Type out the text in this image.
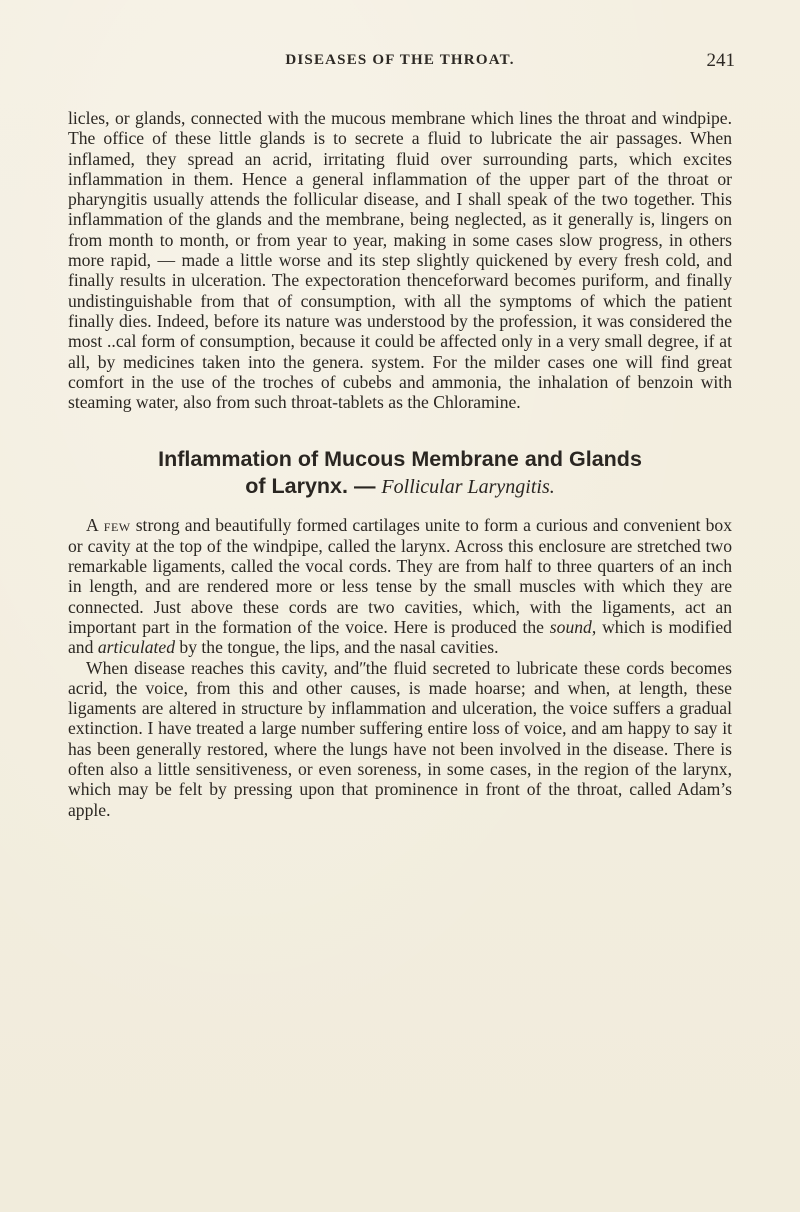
DISEASES OF THE THROAT.	241

licles, or glands, connected with the mucous membrane which lines the throat and windpipe. The office of these little glands is to secrete a fluid to lubricate the air passages. When inflamed, they spread an acrid, irritating fluid over surrounding parts, which excites inflammation in them. Hence a general inflammation of the upper part of the throat or pharyngitis usually attends the follicular disease, and I shall speak of the two together. This inflammation of the glands and the membrane, being neglected, as it generally is, lingers on from month to month, or from year to year, making in some cases slow progress, in others more rapid, — made a little worse and its step slightly quickened by every fresh cold, and finally results in ulceration. The expectoration thenceforward becomes puriform, and finally undistinguishable from that of consumption, with all the symptoms of which the patient finally dies. Indeed, before its nature was understood by the profession, it was considered the most ..cal form of consumption, because it could be affected only in a very small degree, if at all, by medicines taken into the genera. system. For the milder cases one will find great comfort in the use of the troches of cubebs and ammonia, the inhalation of benzoin with steaming water, also from such throat-tablets as the Chloramine.

Inflammation of Mucous Membrane and Glands
of Larynx. — Follicular Laryngitis.

A few strong and beautifully formed cartilages unite to form a curious and convenient box or cavity at the top of the windpipe, called the larynx. Across this enclosure are stretched two remarkable ligaments, called the vocal cords. They are from half to three quarters of an inch in length, and are rendered more or less tense by the small muscles with which they are connected. Just above these cords are two cavities, which, with the ligaments, act an important part in the formation of the voice. Here is produced the sound, which is modified and articulated by the tongue, the lips, and the nasal cavities.

When disease reaches this cavity, andʺthe fluid secreted to lubricate these cords becomes acrid, the voice, from this and other causes, is made hoarse; and when, at length, these ligaments are altered in structure by inflammation and ulceration, the voice suffers a gradual extinction. I have treated a large number suffering entire loss of voice, and am happy to say it has been generally restored, where the lungs have not been involved in the disease. There is often also a little sensitiveness, or even soreness, in some cases, in the region of the larynx, which may be felt by pressing upon that prominence in front of the throat, called Adam’s apple.
